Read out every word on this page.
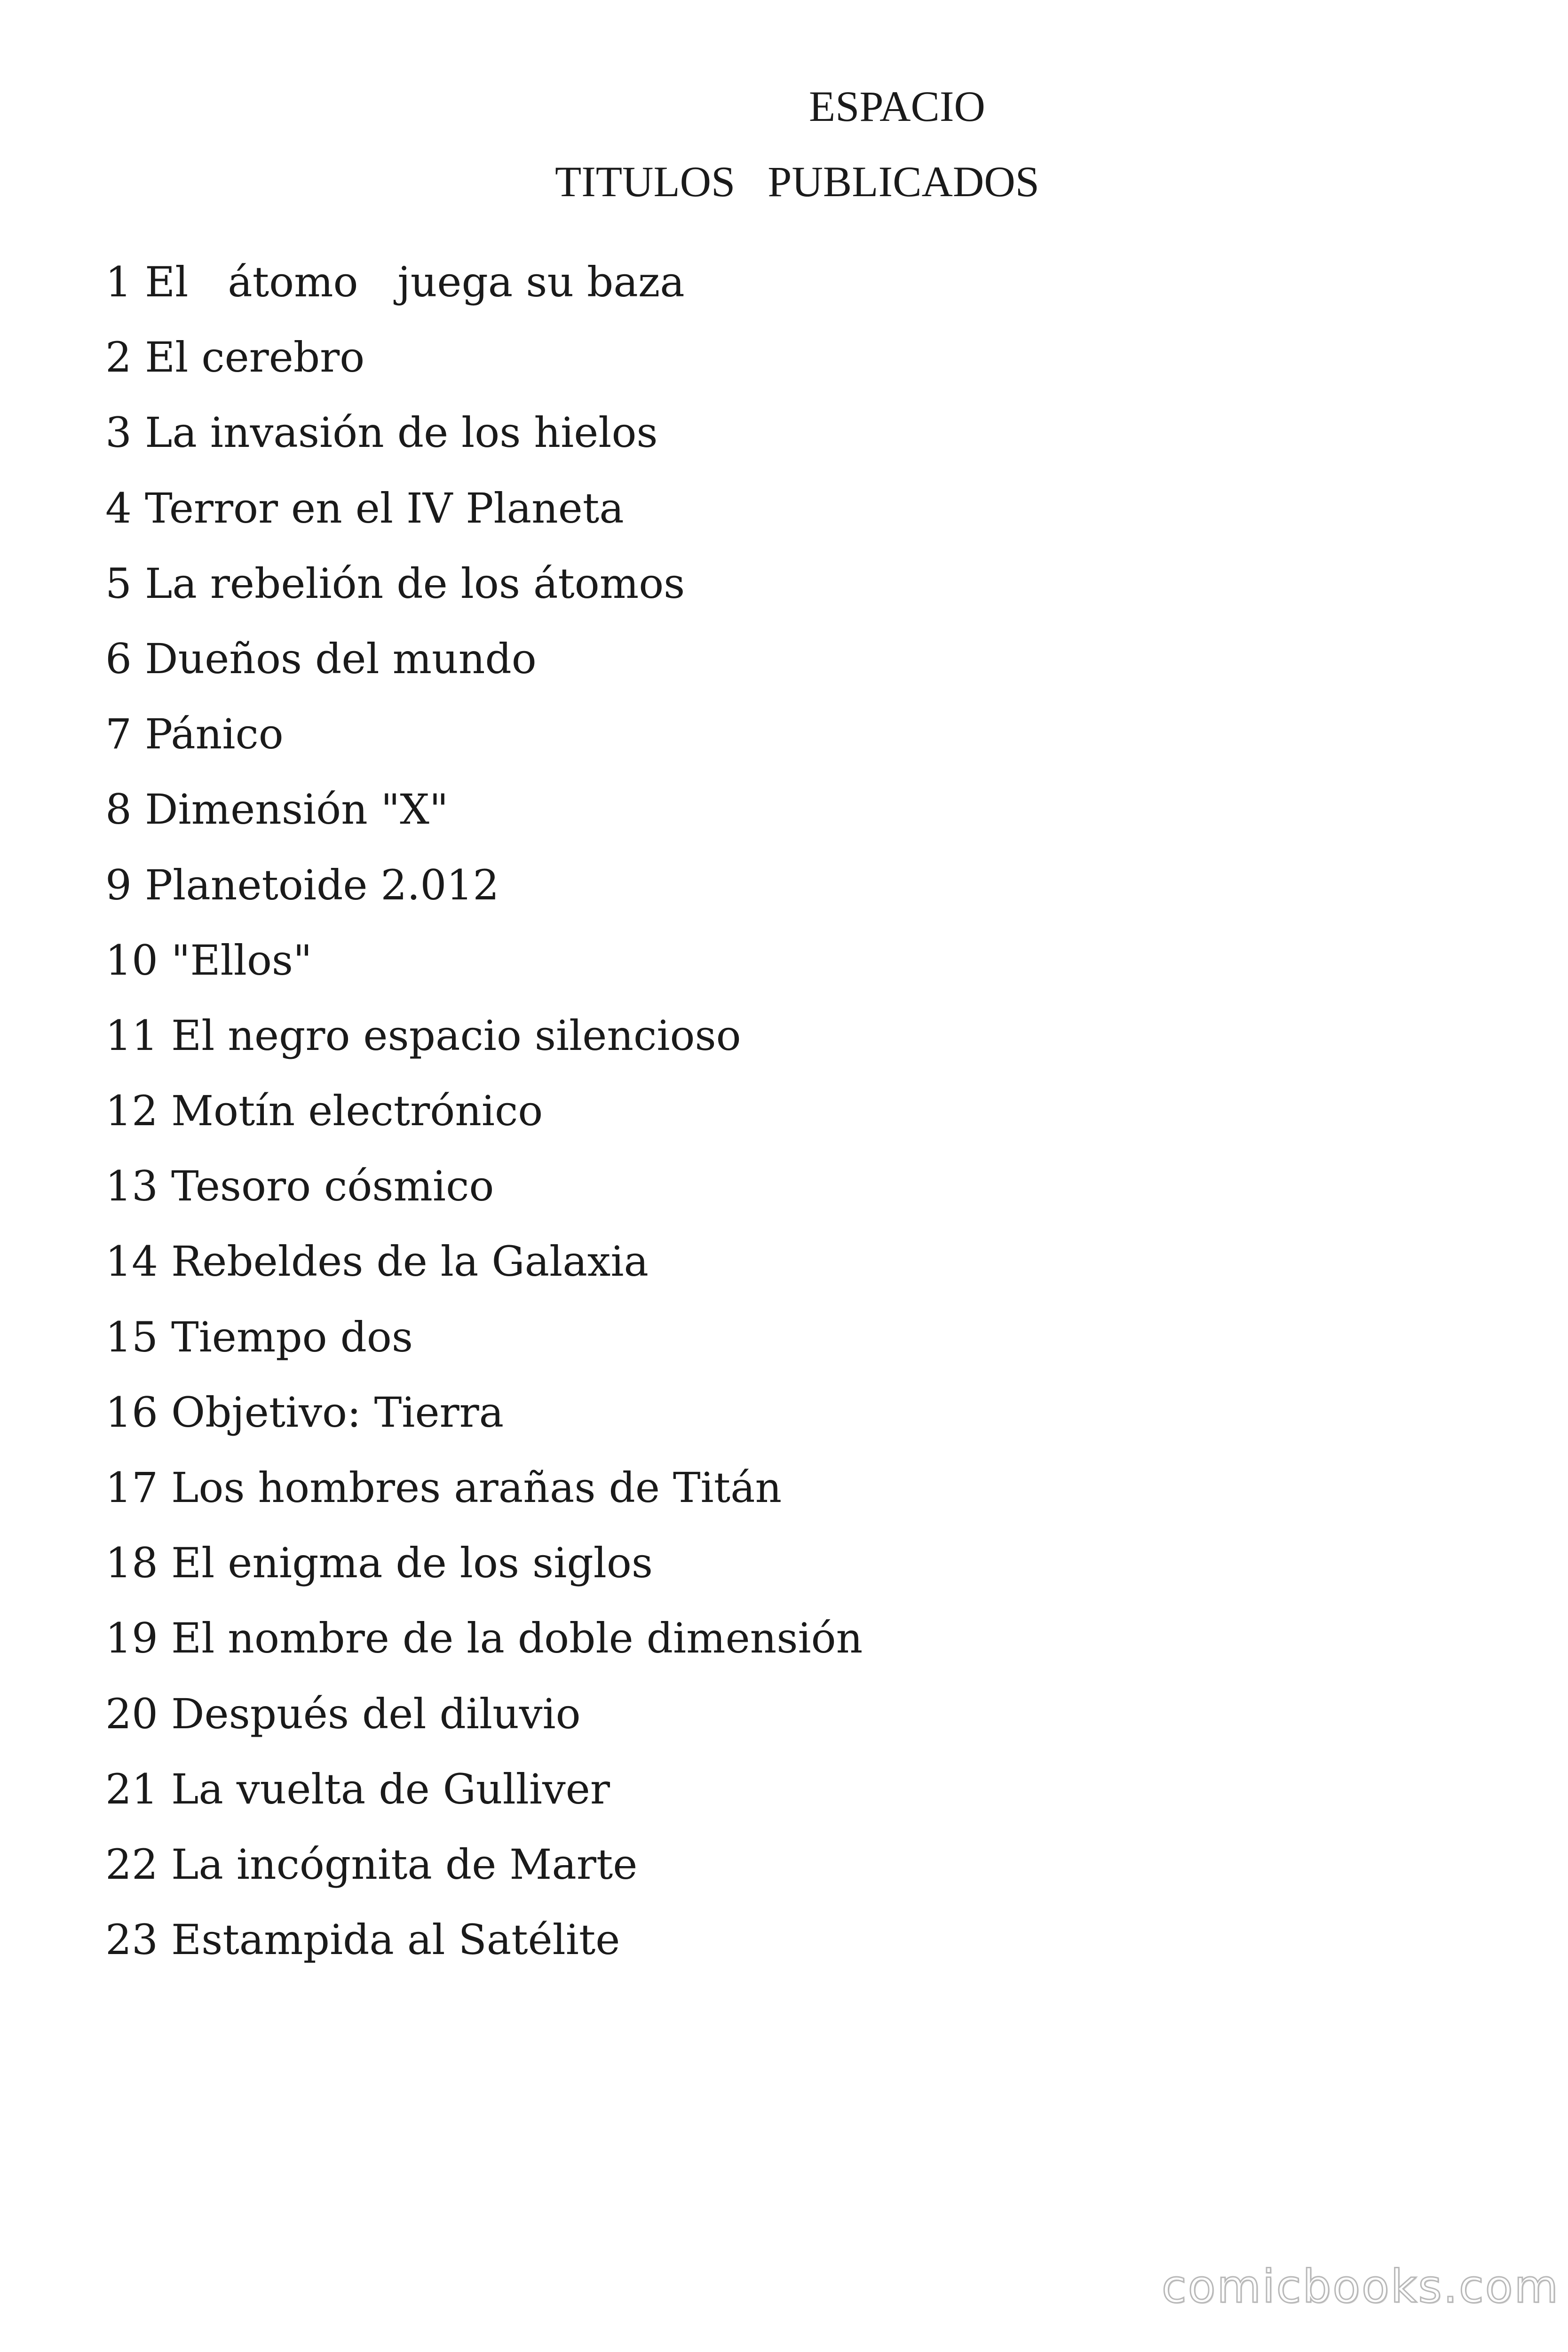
ESPACIO
TITULOS   PUBLICADOS
1 El   átomo   juega su baza
2 El cerebro
3 La invasión de los hielos
4 Terror en el IV Planeta
5 La rebelión de los átomos
6 Dueños del mundo
7 Pánico
8 Dimensión "X"
9 Planetoide 2.012
10 "Ellos"
11 El negro espacio silencioso
12 Motín electrónico
13 Tesoro cósmico
14 Rebeldes de la Galaxia
15 Tiempo dos
16 Objetivo: Tierra
17 Los hombres arañas de Titán
18 El enigma de los siglos
19 El nombre de la doble dimensión
20 Después del diluvio
21 La vuelta de Gulliver
22 La incógnita de Marte
23 Estampida al Satélite
comicbooks.com
